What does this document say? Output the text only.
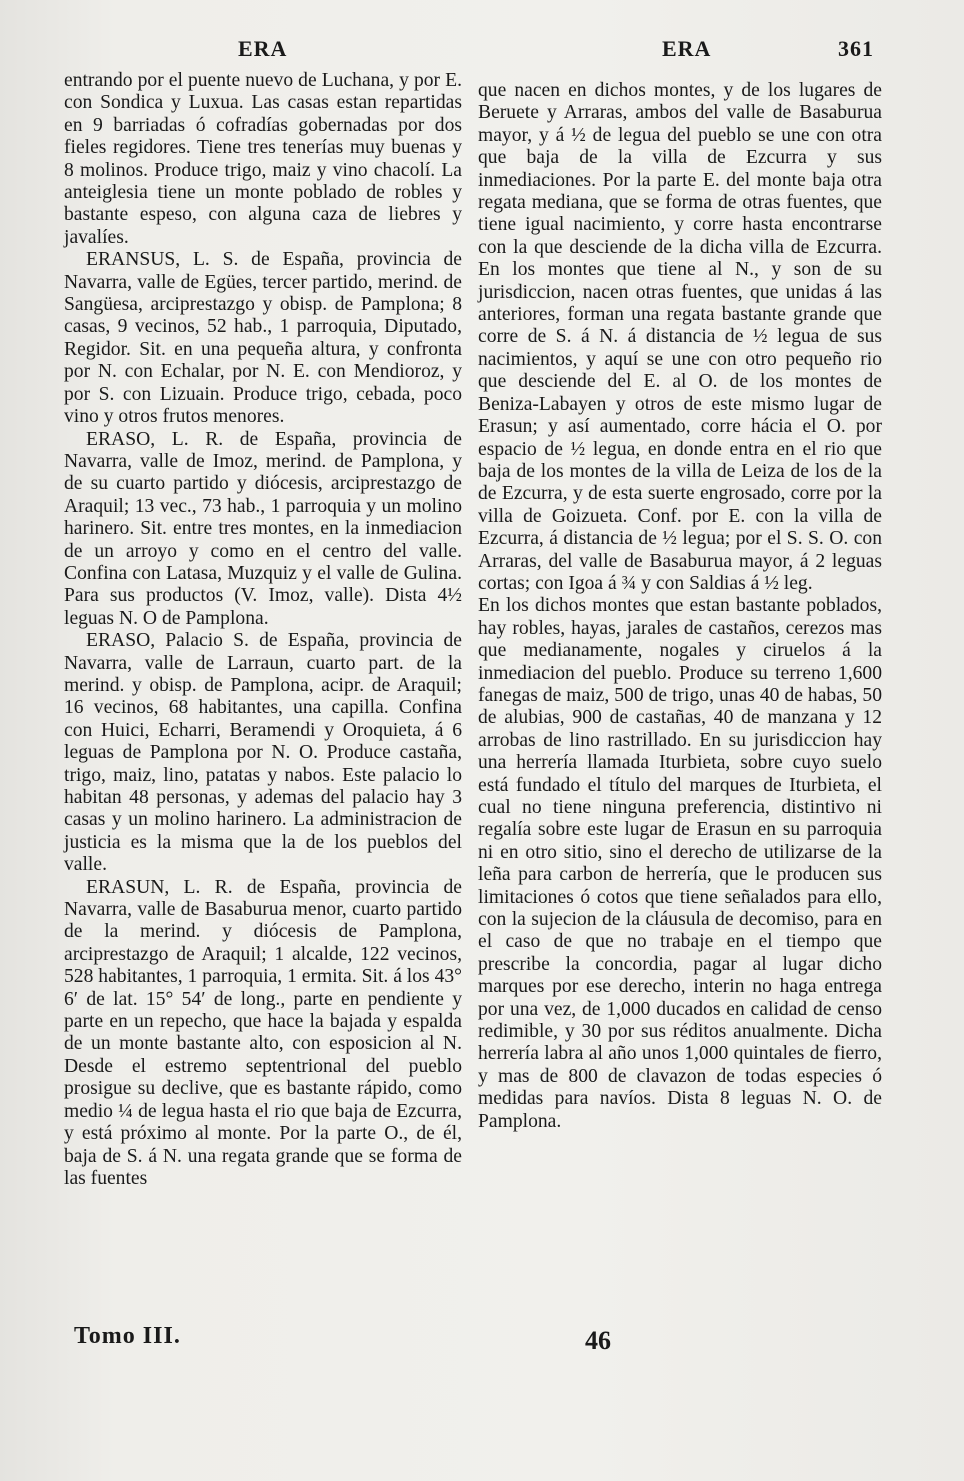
ERA	ERA	361

entrando por el puente nuevo de Luchana, y por E. con Sondica y Luxua. Las casas estan repartidas en 9 barriadas ó cofradías gobernadas por dos fieles regidores. Tiene tres tenerías muy buenas y 8 molinos. Produce trigo, maiz y vino chacolí. La anteiglesia tiene un monte poblado de robles y bastante espeso, con alguna caza de liebres y javalíes.

ERANSUS, L. S. de España, provincia de Navarra, valle de Egües, tercer partido, merind. de Sangüesa, arciprestazgo y obisp. de Pamplona; 8 casas, 9 vecinos, 52 hab., 1 parroquia, Diputado, Regidor. Sit. en una pequeña altura, y confronta por N. con Echalar, por N. E. con Mendioroz, y por S. con Lizuain. Produce trigo, cebada, poco vino y otros frutos menores.

ERASO, L. R. de España, provincia de Navarra, valle de Imoz, merind. de Pamplona, y de su cuarto partido y diócesis, arciprestazgo de Araquil; 13 vec., 73 hab., 1 parroquia y un molino harinero. Sit. entre tres montes, en la inmediacion de un arroyo y como en el centro del valle. Confina con Latasa, Muzquiz y el valle de Gulina. Para sus productos (V. Imoz, valle). Dista 4½ leguas N. O de Pamplona.

ERASO, Palacio S. de España, provincia de Navarra, valle de Larraun, cuarto part. de la merind. y obisp. de Pamplona, acipr. de Araquil; 16 vecinos, 68 habitantes, una capilla. Confina con Huici, Echarri, Beramendi y Oroquieta, á 6 leguas de Pamplona por N. O. Produce castaña, trigo, maiz, lino, patatas y nabos. Este palacio lo habitan 48 personas, y ademas del palacio hay 3 casas y un molino harinero. La administracion de justicia es la misma que la de los pueblos del valle.

ERASUN, L. R. de España, provincia de Navarra, valle de Basaburua menor, cuarto partido de la merind. y diócesis de Pamplona, arciprestazgo de Araquil; 1 alcalde, 122 vecinos, 528 habitantes, 1 parroquia, 1 ermita. Sit. á los 43° 6′ de lat. 15° 54′ de long., parte en pendiente y parte en un repecho, que hace la bajada y espalda de un monte bastante alto, con esposicion al N. Desde el estremo septentrional del pueblo prosigue su declive, que es bastante rápido, como medio ¼ de legua hasta el rio que baja de Ezcurra, y está próximo al monte. Por la parte O., de él, baja de S. á N. una regata grande que se forma de las fuentes

que nacen en dichos montes, y de los lugares de Beruete y Arraras, ambos del valle de Basaburua mayor, y á ½ de legua del pueblo se une con otra que baja de la villa de Ezcurra y sus inmediaciones. Por la parte E. del monte baja otra regata mediana, que se forma de otras fuentes, que tiene igual nacimiento, y corre hasta encontrarse con la que desciende de la dicha villa de Ezcurra. En los montes que tiene al N., y son de su jurisdiccion, nacen otras fuentes, que unidas á las anteriores, forman una regata bastante grande que corre de S. á N. á distancia de ½ legua de sus nacimientos, y aquí se une con otro pequeño rio que desciende del E. al O. de los montes de Beniza-Labayen y otros de este mismo lugar de Erasun; y así aumentado, corre hácia el O. por espacio de ½ legua, en donde entra en el rio que baja de los montes de la villa de Leiza de los de la de Ezcurra, y de esta suerte engrosado, corre por la villa de Goizueta. Conf. por E. con la villa de Ezcurra, á distancia de ½ legua; por el S. S. O. con Arraras, del valle de Basaburua mayor, á 2 leguas cortas; con Igoa á ¾ y con Saldias á ½ leg.

En los dichos montes que estan bastante poblados, hay robles, hayas, jarales de castaños, cerezos mas que medianamente, nogales y ciruelos á la inmediacion del pueblo. Produce su terreno 1,600 fanegas de maiz, 500 de trigo, unas 40 de habas, 50 de alubias, 900 de castañas, 40 de manzana y 12 arrobas de lino rastrillado. En su jurisdiccion hay una herrería llamada Iturbieta, sobre cuyo suelo está fundado el título del marques de Iturbieta, el cual no tiene ninguna preferencia, distintivo ni regalía sobre este lugar de Erasun en su parroquia ni en otro sitio, sino el derecho de utilizarse de la leña para carbon de herrería, que le producen sus limitaciones ó cotos que tiene señalados para ello, con la sujecion de la cláusula de decomiso, para en el caso de que no trabaje en el tiempo que prescribe la concordia, pagar al lugar dicho marques por ese derecho, interin no haga entrega por una vez, de 1,000 ducados en calidad de censo redimible, y 30 por sus réditos anualmente. Dicha herrería labra al año unos 1,000 quintales de fierro, y mas de 800 de clavazon de todas especies ó medidas para navíos. Dista 8 leguas N. O. de Pamplona.

Tomo III.	46
